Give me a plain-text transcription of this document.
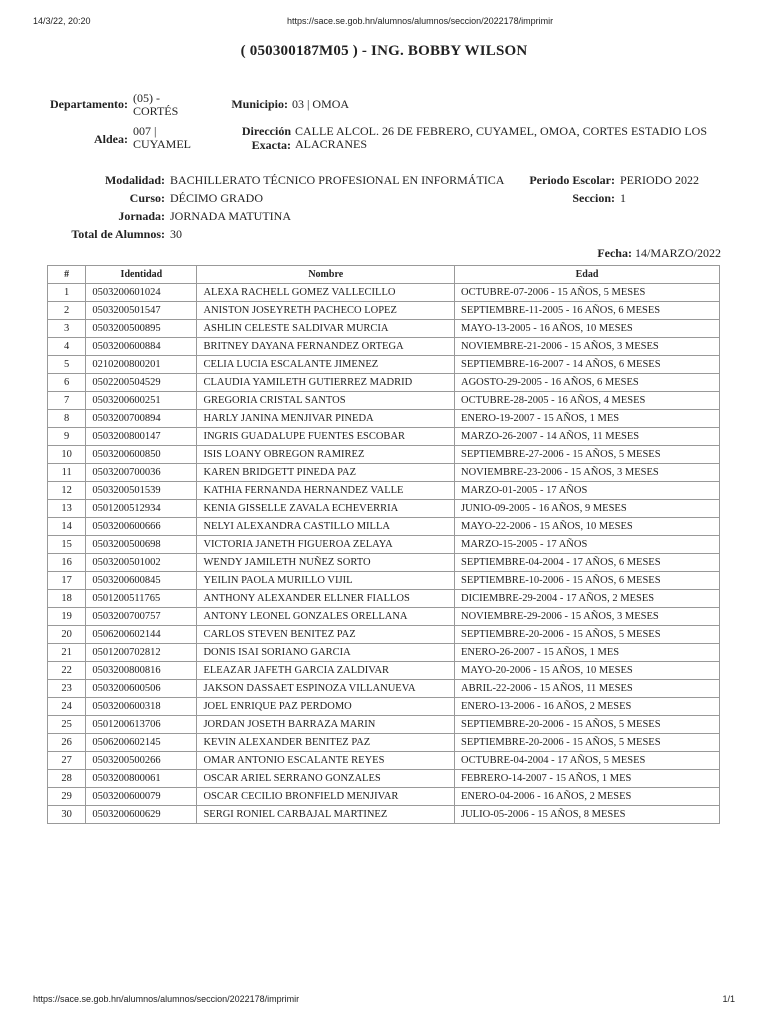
14/3/22, 20:20	https://sace.se.gob.hn/alumnos/alumnos/seccion/2022178/imprimir
( 050300187M05 ) - ING. BOBBY WILSON
Departamento: (05) - CORTÉS	Municipio: 03 | OMOA
Aldea:
007 | CUYAMEL
Dirección
Exacta:
CALLE ALCOL. 26 DE FEBRERO, CUYAMEL, OMOA, CORTES ESTADIO LOS ALACRANES
Modalidad: BACHILLERATO TÉCNICO PROFESIONAL EN INFORMÁTICA	Periodo Escolar: PERIODO 2022
Curso: DÉCIMO GRADO	Seccion: 1
Jornada: JORNADA MATUTINA
Total de Alumnos: 30
Fecha: 14/MARZO/2022
#	Identidad	Nombre	Edad
1	0503200601024	ALEXA RACHELL GOMEZ VALLECILLO	OCTUBRE-07-2006 - 15 AÑOS, 5 MESES
2	0503200501547	ANISTON JOSEYRETH PACHECO LOPEZ	SEPTIEMBRE-11-2005 - 16 AÑOS, 6 MESES
3	0503200500895	ASHLIN CELESTE SALDIVAR MURCIA	MAYO-13-2005 - 16 AÑOS, 10 MESES
4	0503200600884	BRITNEY DAYANA FERNANDEZ ORTEGA	NOVIEMBRE-21-2006 - 15 AÑOS, 3 MESES
5	0210200800201	CELIA LUCIA ESCALANTE JIMENEZ	SEPTIEMBRE-16-2007 - 14 AÑOS, 6 MESES
6	0502200504529	CLAUDIA YAMILETH GUTIERREZ MADRID	AGOSTO-29-2005 - 16 AÑOS, 6 MESES
7	0503200600251	GREGORIA CRISTAL SANTOS	OCTUBRE-28-2005 - 16 AÑOS, 4 MESES
8	0503200700894	HARLY JANINA MENJIVAR PINEDA	ENERO-19-2007 - 15 AÑOS, 1 MES
9	0503200800147	INGRIS GUADALUPE FUENTES ESCOBAR	MARZO-26-2007 - 14 AÑOS, 11 MESES
10	0503200600850	ISIS LOANY OBREGON RAMIREZ	SEPTIEMBRE-27-2006 - 15 AÑOS, 5 MESES
11	0503200700036	KAREN BRIDGETT PINEDA PAZ	NOVIEMBRE-23-2006 - 15 AÑOS, 3 MESES
12	0503200501539	KATHIA FERNANDA HERNANDEZ VALLE	MARZO-01-2005 - 17 AÑOS
13	0501200512934	KENIA GISSELLE ZAVALA ECHEVERRIA	JUNIO-09-2005 - 16 AÑOS, 9 MESES
14	0503200600666	NELYI ALEXANDRA CASTILLO MILLA	MAYO-22-2006 - 15 AÑOS, 10 MESES
15	0503200500698	VICTORIA JANETH FIGUEROA ZELAYA	MARZO-15-2005 - 17 AÑOS
16	0503200501002	WENDY JAMILETH NUÑEZ SORTO	SEPTIEMBRE-04-2004 - 17 AÑOS, 6 MESES
17	0503200600845	YEILIN PAOLA MURILLO VIJIL	SEPTIEMBRE-10-2006 - 15 AÑOS, 6 MESES
18	0501200511765	ANTHONY ALEXANDER ELLNER FIALLOS	DICIEMBRE-29-2004 - 17 AÑOS, 2 MESES
19	0503200700757	ANTONY LEONEL GONZALES ORELLANA	NOVIEMBRE-29-2006 - 15 AÑOS, 3 MESES
20	0506200602144	CARLOS STEVEN BENITEZ PAZ	SEPTIEMBRE-20-2006 - 15 AÑOS, 5 MESES
21	0501200702812	DONIS ISAI SORIANO GARCIA	ENERO-26-2007 - 15 AÑOS, 1 MES
22	0503200800816	ELEAZAR JAFETH GARCIA ZALDIVAR	MAYO-20-2006 - 15 AÑOS, 10 MESES
23	0503200600506	JAKSON DASSAET ESPINOZA VILLANUEVA	ABRIL-22-2006 - 15 AÑOS, 11 MESES
24	0503200600318	JOEL ENRIQUE PAZ PERDOMO	ENERO-13-2006 - 16 AÑOS, 2 MESES
25	0501200613706	JORDAN JOSETH BARRAZA MARIN	SEPTIEMBRE-20-2006 - 15 AÑOS, 5 MESES
26	0506200602145	KEVIN ALEXANDER BENITEZ PAZ	SEPTIEMBRE-20-2006 - 15 AÑOS, 5 MESES
27	0503200500266	OMAR ANTONIO ESCALANTE REYES	OCTUBRE-04-2004 - 17 AÑOS, 5 MESES
28	0503200800061	OSCAR ARIEL SERRANO GONZALES	FEBRERO-14-2007 - 15 AÑOS, 1 MES
29	0503200600079	OSCAR CECILIO BRONFIELD MENJIVAR	ENERO-04-2006 - 16 AÑOS, 2 MESES
30	0503200600629	SERGI RONIEL CARBAJAL MARTINEZ	JULIO-05-2006 - 15 AÑOS, 8 MESES
https://sace.se.gob.hn/alumnos/alumnos/seccion/2022178/imprimir	1/1
